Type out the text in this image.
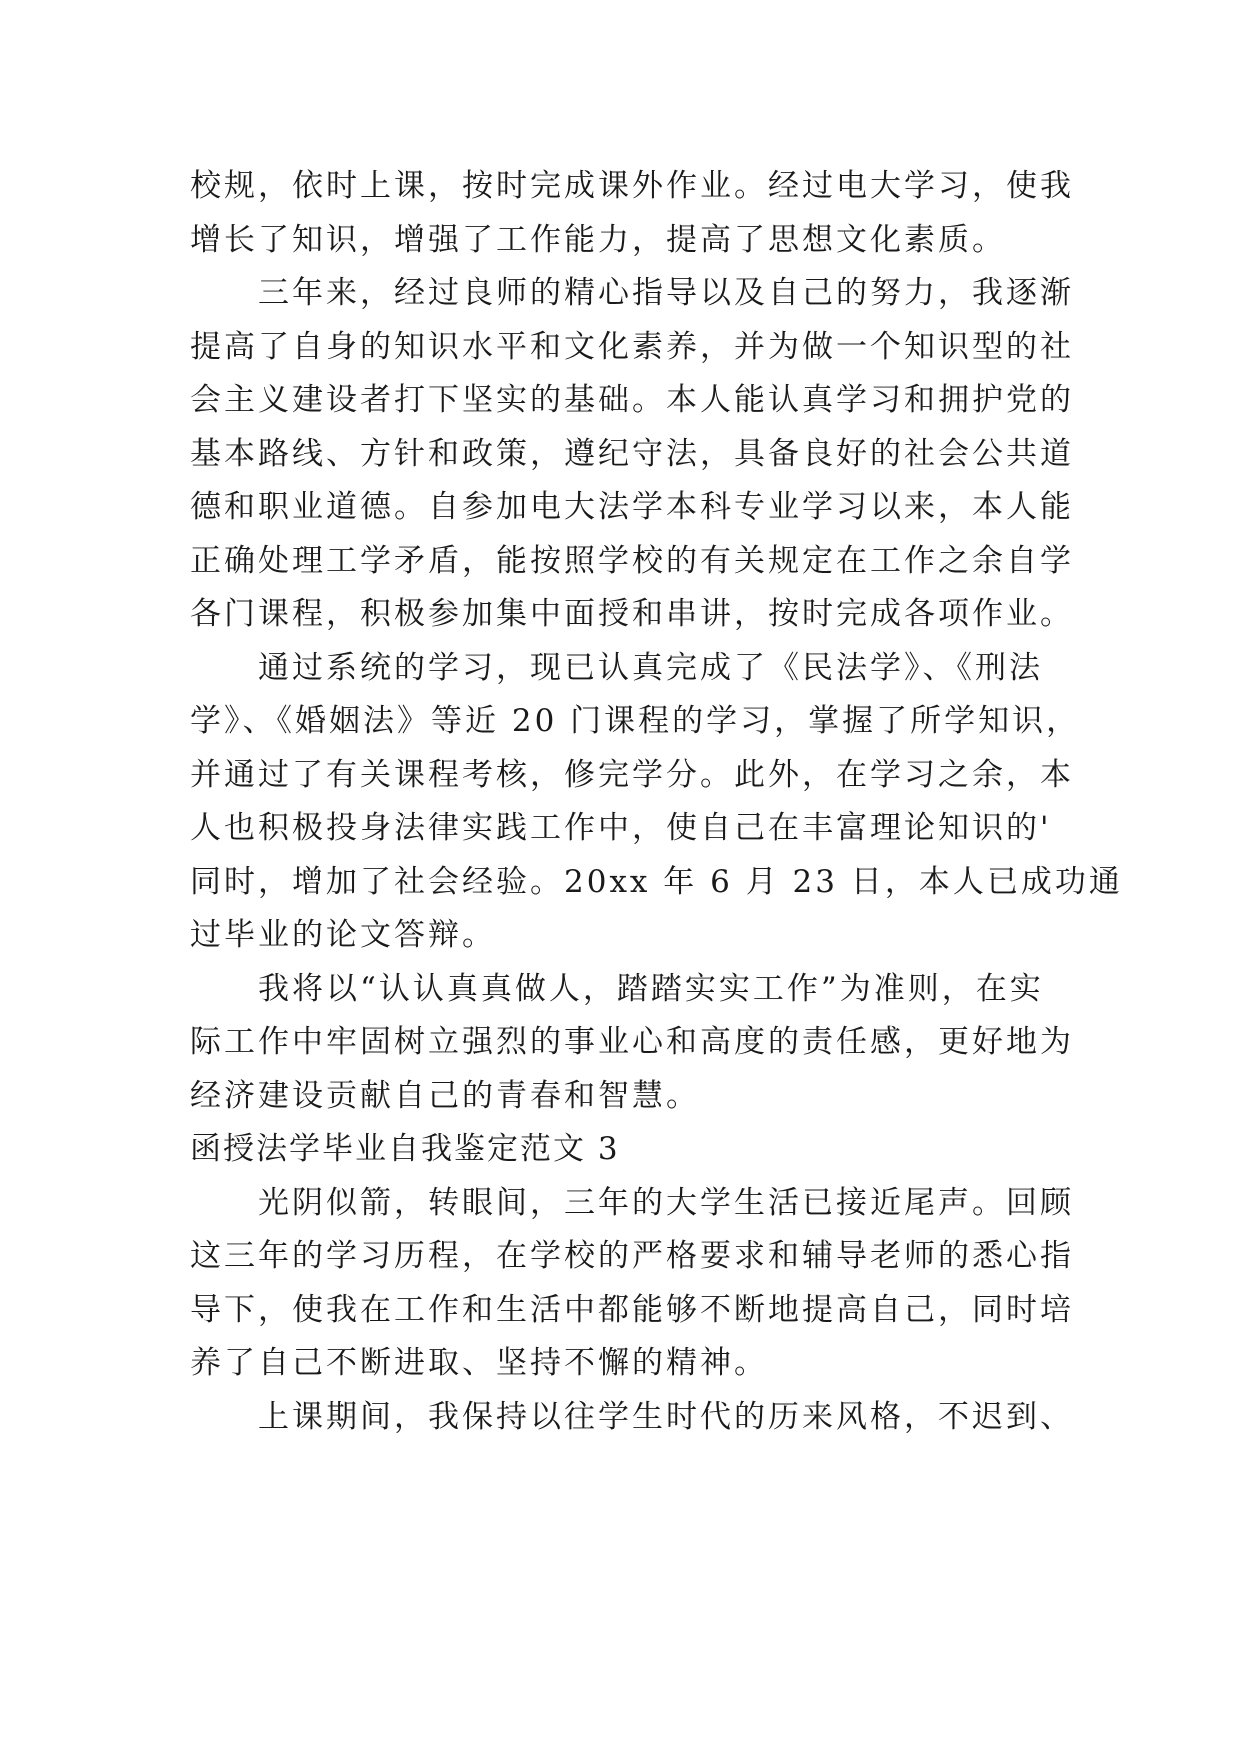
校规，依时上课，按时完成课外作业。经过电大学习，使我
增长了知识，增强了工作能力，提高了思想文化素质。
三年来，经过良师的精心指导以及自己的努力，我逐渐
提高了自身的知识水平和文化素养，并为做一个知识型的社
会主义建设者打下坚实的基础。本人能认真学习和拥护党的
基本路线、方针和政策，遵纪守法，具备良好的社会公共道
德和职业道德。自参加电大法学本科专业学习以来，本人能
正确处理工学矛盾，能按照学校的有关规定在工作之余自学
各门课程，积极参加集中面授和串讲，按时完成各项作业。
通过系统的学习，现已认真完成了《民法学》、《刑法
学》、《婚姻法》等近 20 门课程的学习，掌握了所学知识，
并通过了有关课程考核，修完学分。此外，在学习之余，本
人也积极投身法律实践工作中，使自己在丰富理论知识的'
同时，增加了社会经验。20xx 年 6 月 23 日，本人已成功通
过毕业的论文答辩。
我将以“认认真真做人，踏踏实实工作”为准则，在实
际工作中牢固树立强烈的事业心和高度的责任感，更好地为
经济建设贡献自己的青春和智慧。
函授法学毕业自我鉴定范文 3
光阴似箭，转眼间，三年的大学生活已接近尾声。回顾
这三年的学习历程，在学校的严格要求和辅导老师的悉心指
导下，使我在工作和生活中都能够不断地提高自己，同时培
养了自己不断进取、坚持不懈的精神。
上课期间，我保持以往学生时代的历来风格，不迟到、
